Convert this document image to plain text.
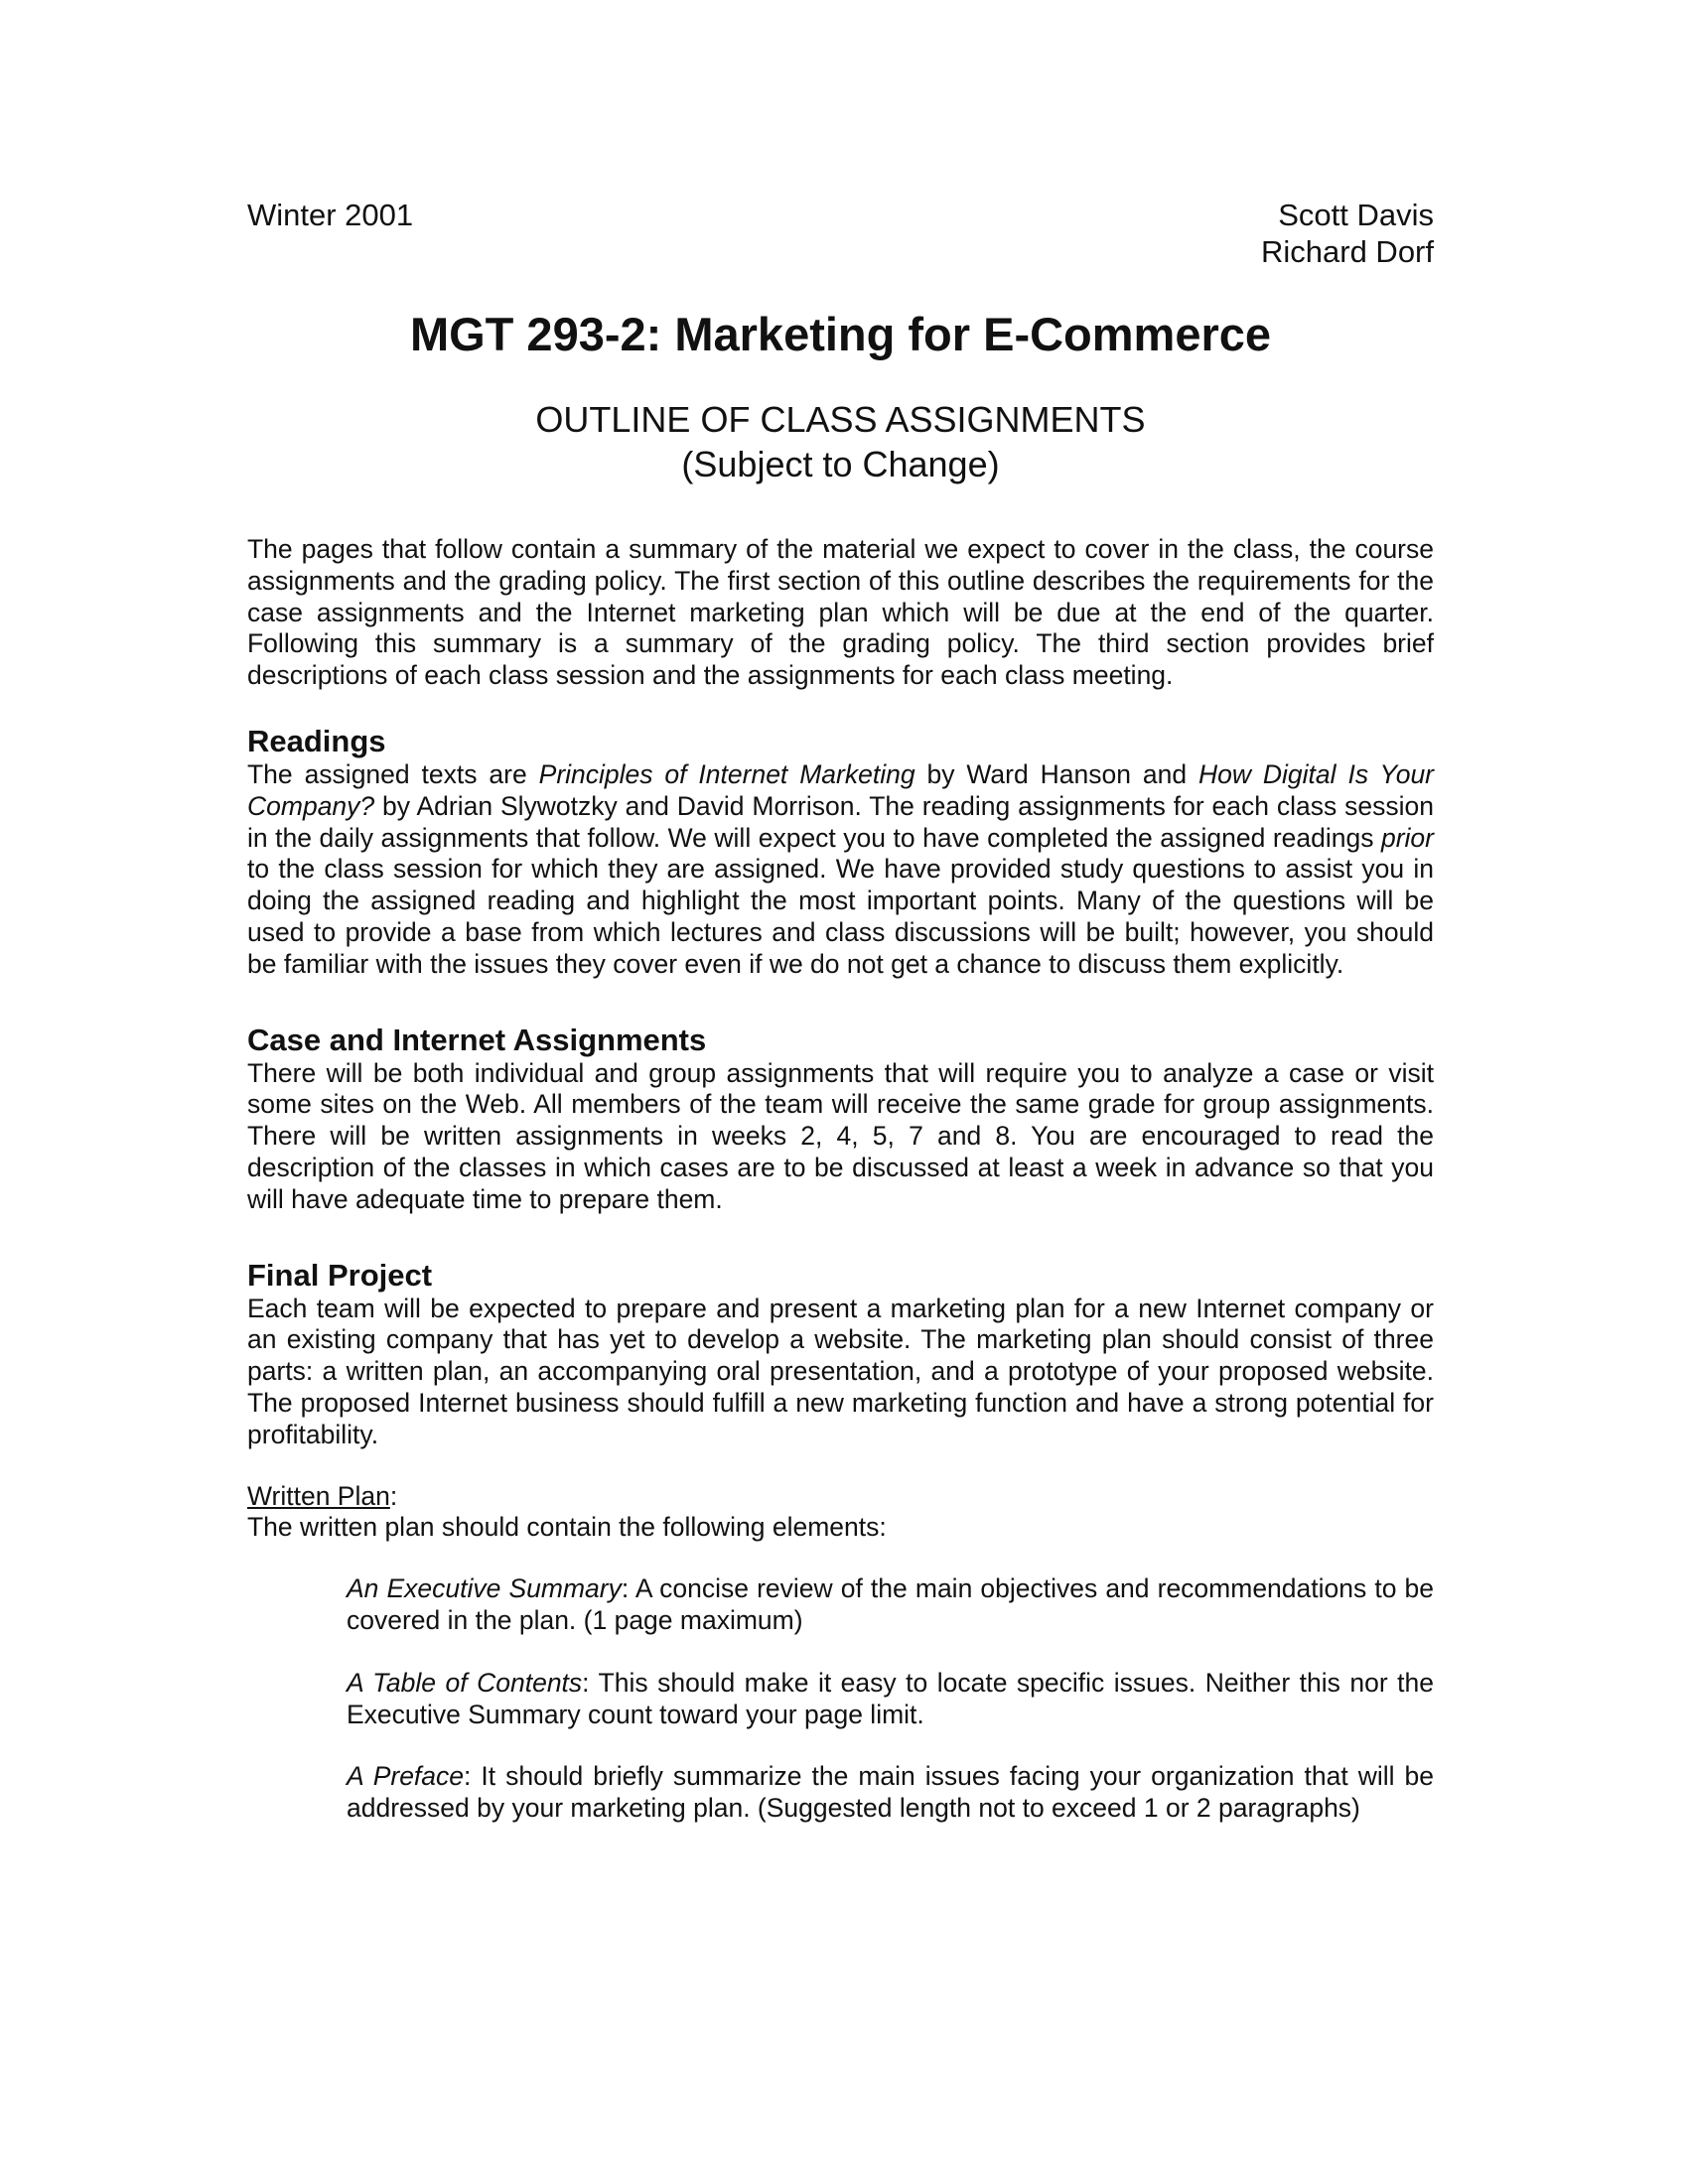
Winter 2001	Scott Davis
Richard Dorf
MGT 293-2: Marketing for E-Commerce
OUTLINE OF CLASS ASSIGNMENTS
(Subject to Change)

The pages that follow contain a summary of the material we expect to cover in the class, the course assignments and the grading policy. The first section of this outline describes the requirements for the case assignments and the Internet marketing plan which will be due at the end of the quarter. Following this summary is a summary of the grading policy. The third section provides brief descriptions of each class session and the assignments for each class meeting.

Readings

The assigned texts are Principles of Internet Marketing by Ward Hanson and How Digital Is Your Company? by Adrian Slywotzky and David Morrison. The reading assignments for each class session in the daily assignments that follow. We will expect you to have completed the assigned readings prior to the class session for which they are assigned. We have provided study questions to assist you in doing the assigned reading and highlight the most important points. Many of the questions will be used to provide a base from which lectures and class discussions will be built; however, you should be familiar with the issues they cover even if we do not get a chance to discuss them explicitly.

Case and Internet Assignments

There will be both individual and group assignments that will require you to analyze a case or visit some sites on the Web. All members of the team will receive the same grade for group assignments. There will be written assignments in weeks 2, 4, 5, 7 and 8. You are encouraged to read the description of the classes in which cases are to be discussed at least a week in advance so that you will have adequate time to prepare them.

Final Project

Each team will be expected to prepare and present a marketing plan for a new Internet company or an existing company that has yet to develop a website. The marketing plan should consist of three parts: a written plan, an accompanying oral presentation, and a prototype of your proposed website. The proposed Internet business should fulfill a new marketing function and have a strong potential for profitability.

Written Plan:

The written plan should contain the following elements:

An Executive Summary: A concise review of the main objectives and recommendations to be covered in the plan. (1 page maximum)

A Table of Contents: This should make it easy to locate specific issues. Neither this nor the Executive Summary count toward your page limit.

A Preface: It should briefly summarize the main issues facing your organization that will be addressed by your marketing plan. (Suggested length not to exceed 1 or 2 paragraphs)
